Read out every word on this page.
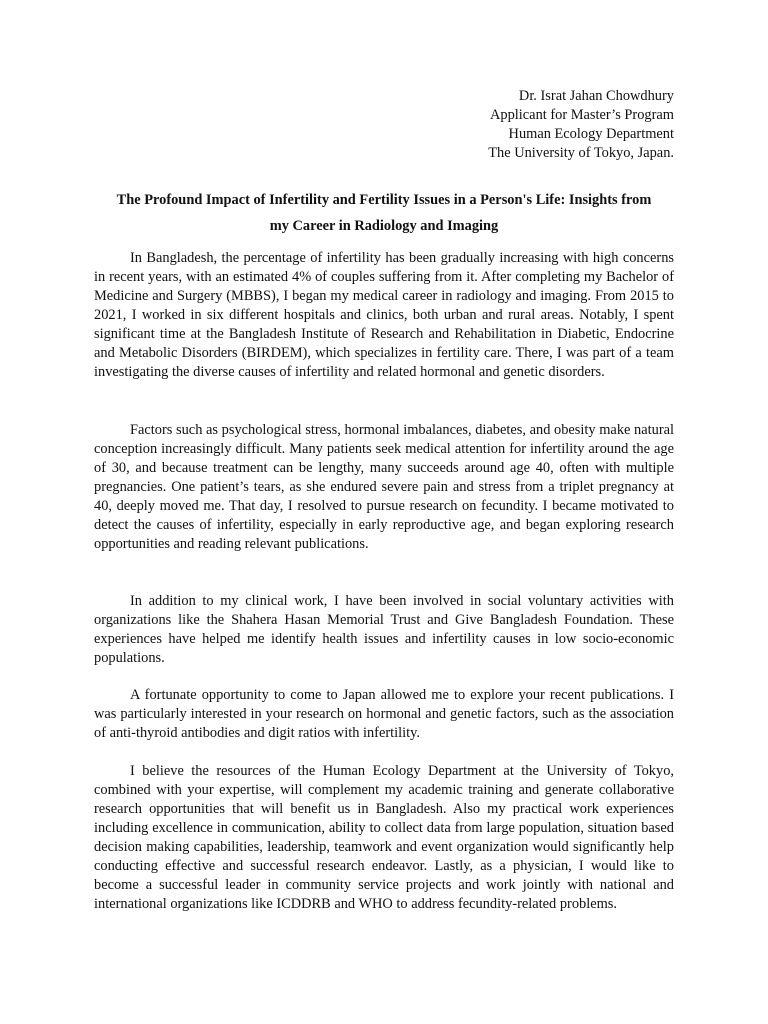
Dr. Israt Jahan Chowdhury
Applicant for Master’s Program
Human Ecology Department
The University of Tokyo, Japan.
The Profound Impact of Infertility and Fertility Issues in a Person's Life: Insights from
my Career in Radiology and Imaging

In Bangladesh, the percentage of infertility has been gradually increasing with high concerns in recent years, with an estimated 4% of couples suffering from it. After completing my Bachelor of Medicine and Surgery (MBBS), I began my medical career in radiology and imaging. From 2015 to 2021, I worked in six different hospitals and clinics, both urban and rural areas. Notably, I spent significant time at the Bangladesh Institute of Research and Rehabilitation in Diabetic, Endocrine and Metabolic Disorders (BIRDEM), which specializes in fertility care. There, I was part of a team investigating the diverse causes of infertility and related hormonal and genetic disorders.

Factors such as psychological stress, hormonal imbalances, diabetes, and obesity make natural conception increasingly difficult. Many patients seek medical attention for infertility around the age of 30, and because treatment can be lengthy, many succeeds around age 40, often with multiple pregnancies. One patient’s tears, as she endured severe pain and stress from a triplet pregnancy at 40, deeply moved me. That day, I resolved to pursue research on fecundity. I became motivated to detect the causes of infertility, especially in early reproductive age, and began exploring research opportunities and reading relevant publications.

In addition to my clinical work, I have been involved in social voluntary activities with organizations like the Shahera Hasan Memorial Trust and Give Bangladesh Foundation. These experiences have helped me identify health issues and infertility causes in low socio-economic populations.

A fortunate opportunity to come to Japan allowed me to explore your recent publications. I was particularly interested in your research on hormonal and genetic factors, such as the association of anti-thyroid antibodies and digit ratios with infertility.

I believe the resources of the Human Ecology Department at the University of Tokyo, combined with your expertise, will complement my academic training and generate collaborative research opportunities that will benefit us in Bangladesh. Also my practical work experiences including excellence in communication, ability to collect data from large population, situation based decision making capabilities, leadership, teamwork and event organization would significantly help conducting effective and successful research endeavor. Lastly, as a physician, I would like to become a successful leader in community service projects and work jointly with national and international organizations like ICDDRB and WHO to address fecundity-related problems.
